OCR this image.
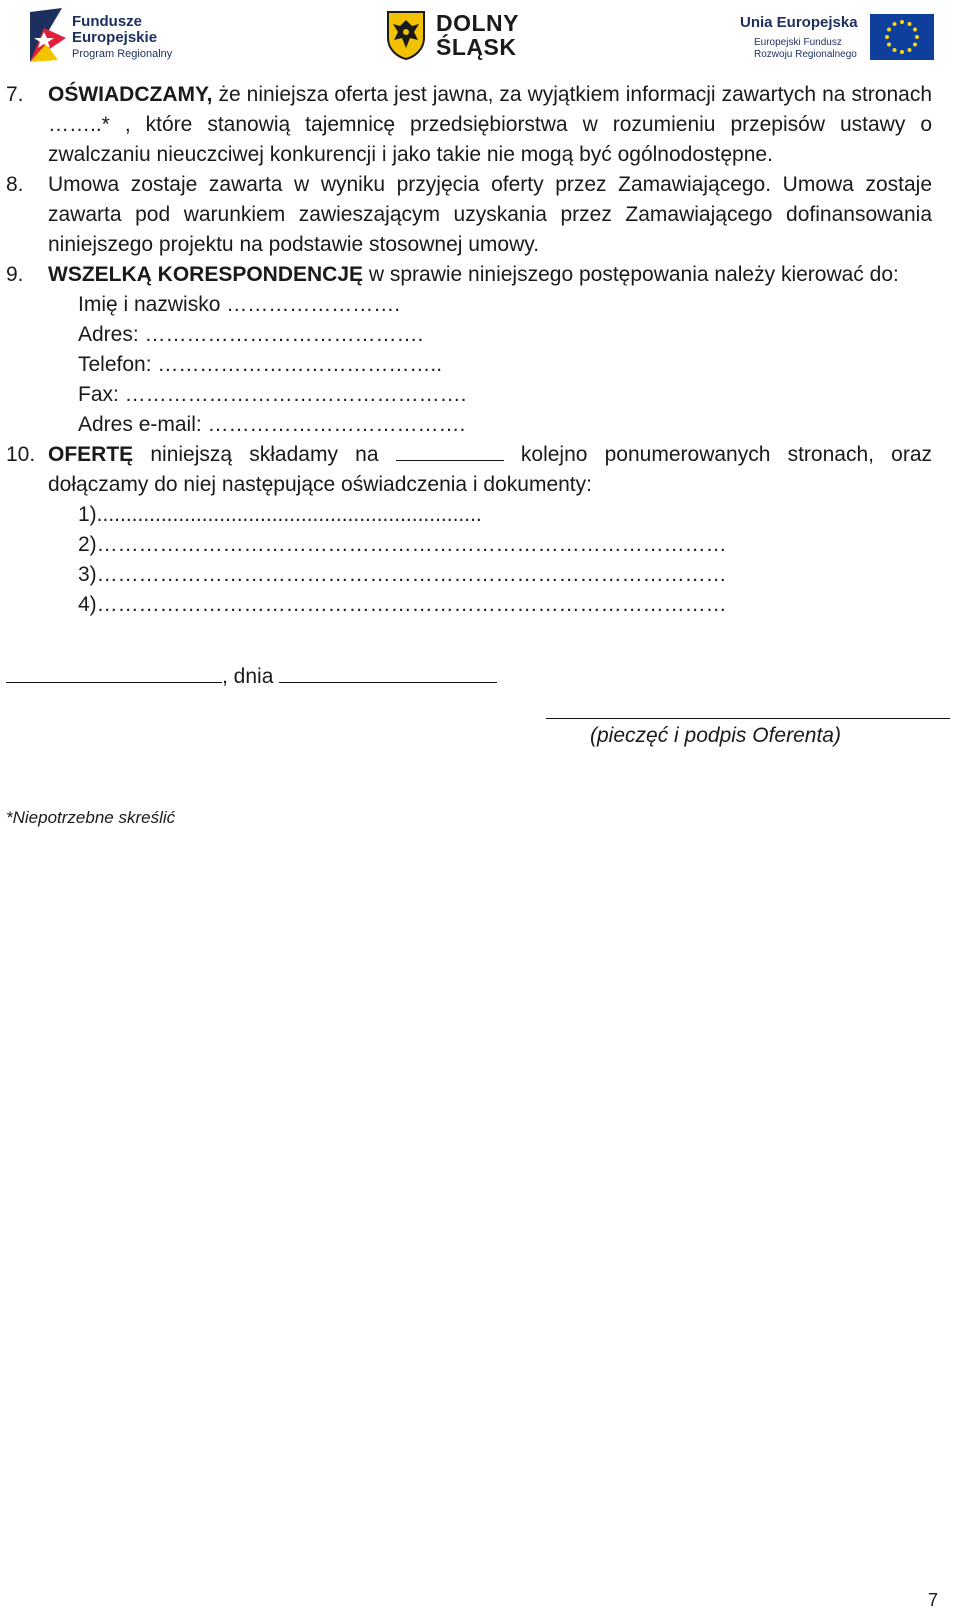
Fundusze
Europejskie
Program Regionalny
DOLNY
ŚLĄSK
Unia Europejska
Europejski Fundusz
Rozwoju Regionalnego
7. OŚWIADCZAMY, że niniejsza oferta jest jawna, za wyjątkiem informacji zawartych na stronach ……..* , które stanowią tajemnicę przedsiębiorstwa w rozumieniu przepisów ustawy o zwalczaniu nieuczciwej konkurencji i jako takie nie mogą być ogólnodostępne.
8. Umowa zostaje zawarta w wyniku przyjęcia oferty przez Zamawiającego. Umowa zostaje zawarta pod warunkiem zawieszającym uzyskania przez Zamawiającego dofinansowania niniejszego projektu na podstawie stosownej umowy.
9. WSZELKĄ KORESPONDENCJĘ w sprawie niniejszego postępowania należy kierować do:
Imię i nazwisko …………………….
Adres: ………………………………….
Telefon: …………………………………..
Fax: ………………………………………….
Adres e-mail: ……………………………….
10. OFERTĘ niniejszą składamy na	kolejno ponumerowanych stronach, oraz dołączamy do niej następujące oświadczenia i dokumenty:
1)..................................................................
2)………………………………………………………………………………
3)………………………………………………………………………………
4)………………………………………………………………………………
, dnia
(pieczęć i podpis Oferenta)
*Niepotrzebne skreślić
7
